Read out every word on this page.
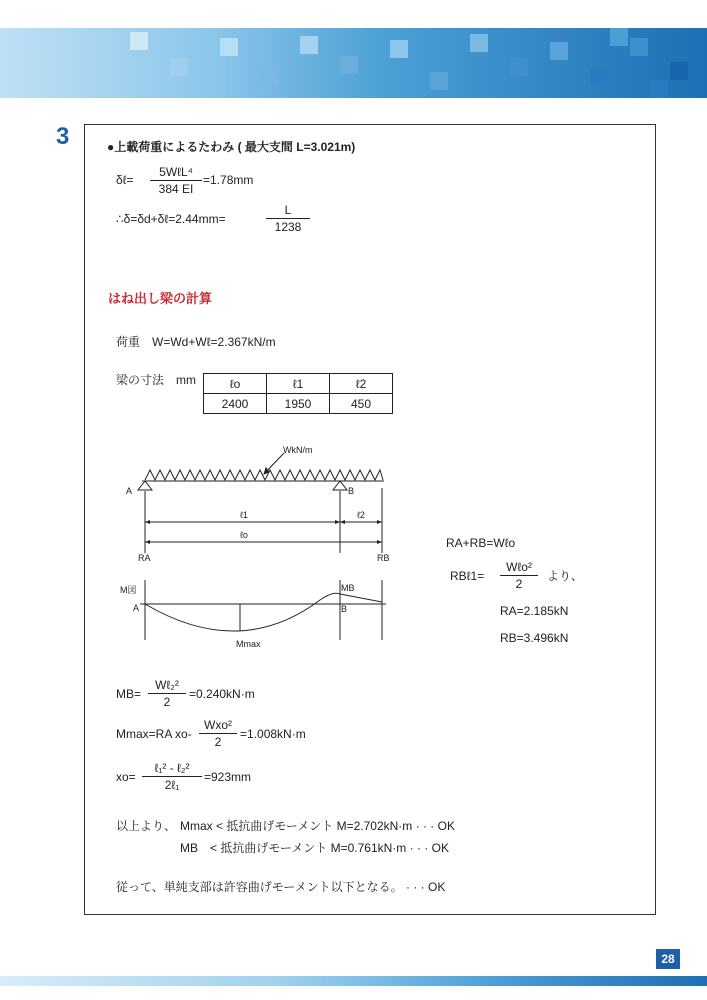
3	●上載荷重によるたわみ ( 最大支間 L=3.021m)
δℓ=
5WℓL⁴
384 EI
=1.78mm
∴δ=δd+δℓ=2.44mm=	$\frac{L}{1238}$
はね出し梁の計算
荷重　W=Wd+Wℓ=2.367kN/m
梁の寸法　mm	ℓo	ℓ1	ℓ2
2400	1950	450
WkN/m
A	B
ℓ1	ℓ2
ℓo
RA	RB
M図
A
MB
B
Mmax
RA+RB=Wℓo
RBℓ1=
Wℓo²
2
より、
RA=2.185kN
RB=3.496kN
MB=
Wℓ₂²
2
=0.240kN·m
Mmax=RA xo-
Wxo²
2
=1.008kN·m
xo=
ℓ₁² - ℓ₂²
2ℓ₁
=923mm
以上より、 Mmax < 抵抗曲げモーメント M=2.702kN·m · · · OK
MB　< 抵抗曲げモーメント M=0.761kN·m · · · OK
従って、単純支部は許容曲げモーメント以下となる。 · · · OK
28
